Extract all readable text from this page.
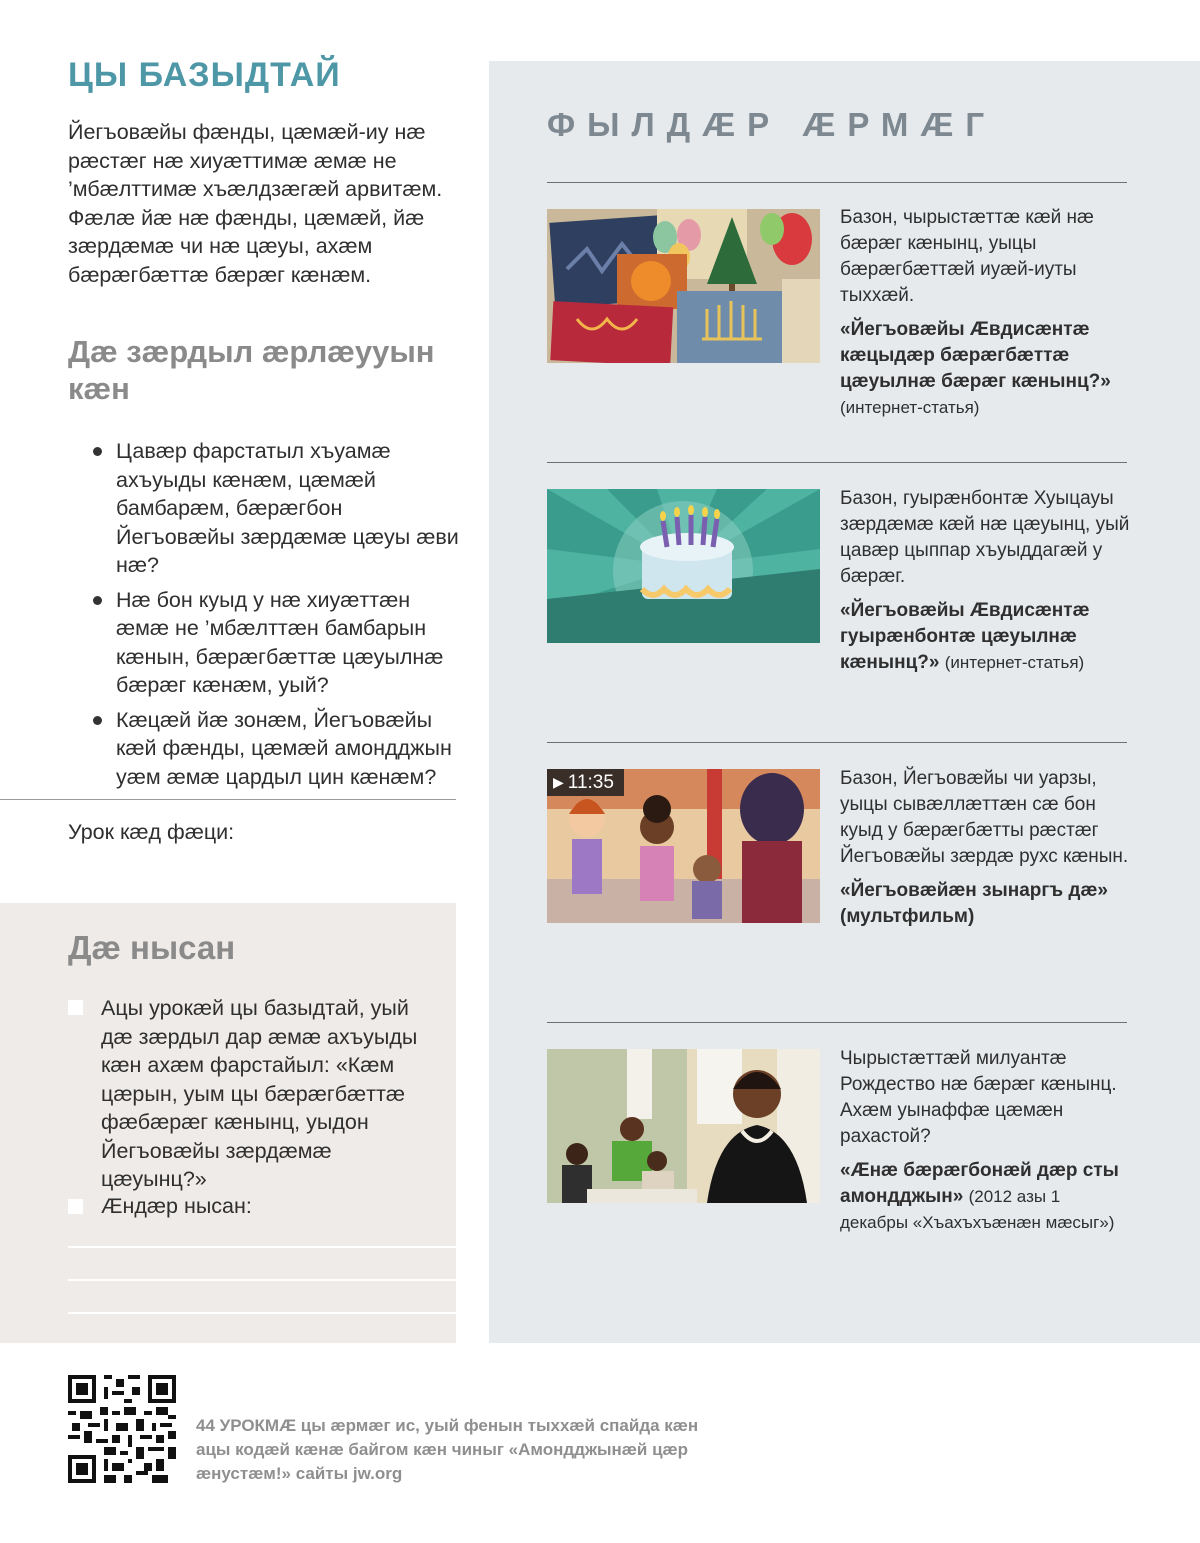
ЦЫ БАЗЫДТАЙ

Йегъовæйы фæнды, цæмæй-иу нæ рæстæг нæ хиуæттимæ æмæ не ’мбæлттимæ хъæлдзæгæй арвитæм. Фæлæ йæ нæ фæнды, цæмæй, йæ зæрдæмæ чи нæ цæуы, ахæм бæрæгбæттæ бæрæг кæнæм.

Дæ зæрдыл æрлæууын кæн
Цавæр фарстатыл хъуамæ ахъуыды кæнæм, цæмæй бамбарæм, бæрæгбон Йегъовæйы зæрдæмæ цæуы æви нæ?
Нæ бон куыд у нæ хиуæттæн æмæ не ’мбæлттæн бамбарын кæнын, бæрæгбæттæ цæуылнæ бæрæг кæнæм, уый?
Кæцæй йæ зонæм, Йегъовæйы кæй фæнды, цæмæй амондджын уæм æмæ цардыл цин кæнæм?
Урок кæд фæци:
Дæ нысан

Ацы урокæй цы базыдтай, уый дæ зæрдыл дар æмæ ахъуыды кæн ахæм фарстайыл: «Кæм цæрын, уым цы бæрæгбæттæ фæбæрæг кæнынц, уыдон Йегъовæйы зæрдæмæ цæуынц?»

Æндæр нысан:
ФЫЛДÆР ÆРМÆГ
Базон, чырыстæттæ кæй нæ бæрæг кæнынц, уыцы бæрæгбæттæй иуæй-иуты тыххæй.
«Йегъовæйы Æвдисæнтæ кæцыдæр бæрæгбæттæ цæуылнæ бæрæг кæнынц?» (интернет-статья)
Базон, гуырæнбонтæ Хуыцауы зæрдæмæ кæй нæ цæуынц, уый цавæр цыппар хъуыддагæй у бæрæг.
«Йегъовæйы Æвдисæнтæ гуырæнбонтæ цæуылнæ кæнынц?» (интернет-статья)
▶ 11:35	Базон, Йегъовæйы чи уарзы, уыцы сывæллæттæн сæ бон куыд у бæрæгбæтты рæстæг Йегъовæйы зæрдæ рухс кæнын.
«Йегъовæйæн зынаргъ дæ» (мультфильм)
Чырыстæттæй милуантæ Рождество нæ бæрæг кæнынц. Ахæм уынаффæ цæмæн рахастой?
«Æнæ бæрæгбонæй дæр сты амондджын» (2012 азы 1 декабры «Хъахъхъæнæн мæсыг»)

44 УРОКМÆ цы æрмæг ис, уый фенын тыххæй спайда кæн ацы кодæй кæнæ байгом кæн чиныг «Амондджынæй цæр æнустæм!» сайты jw.org
